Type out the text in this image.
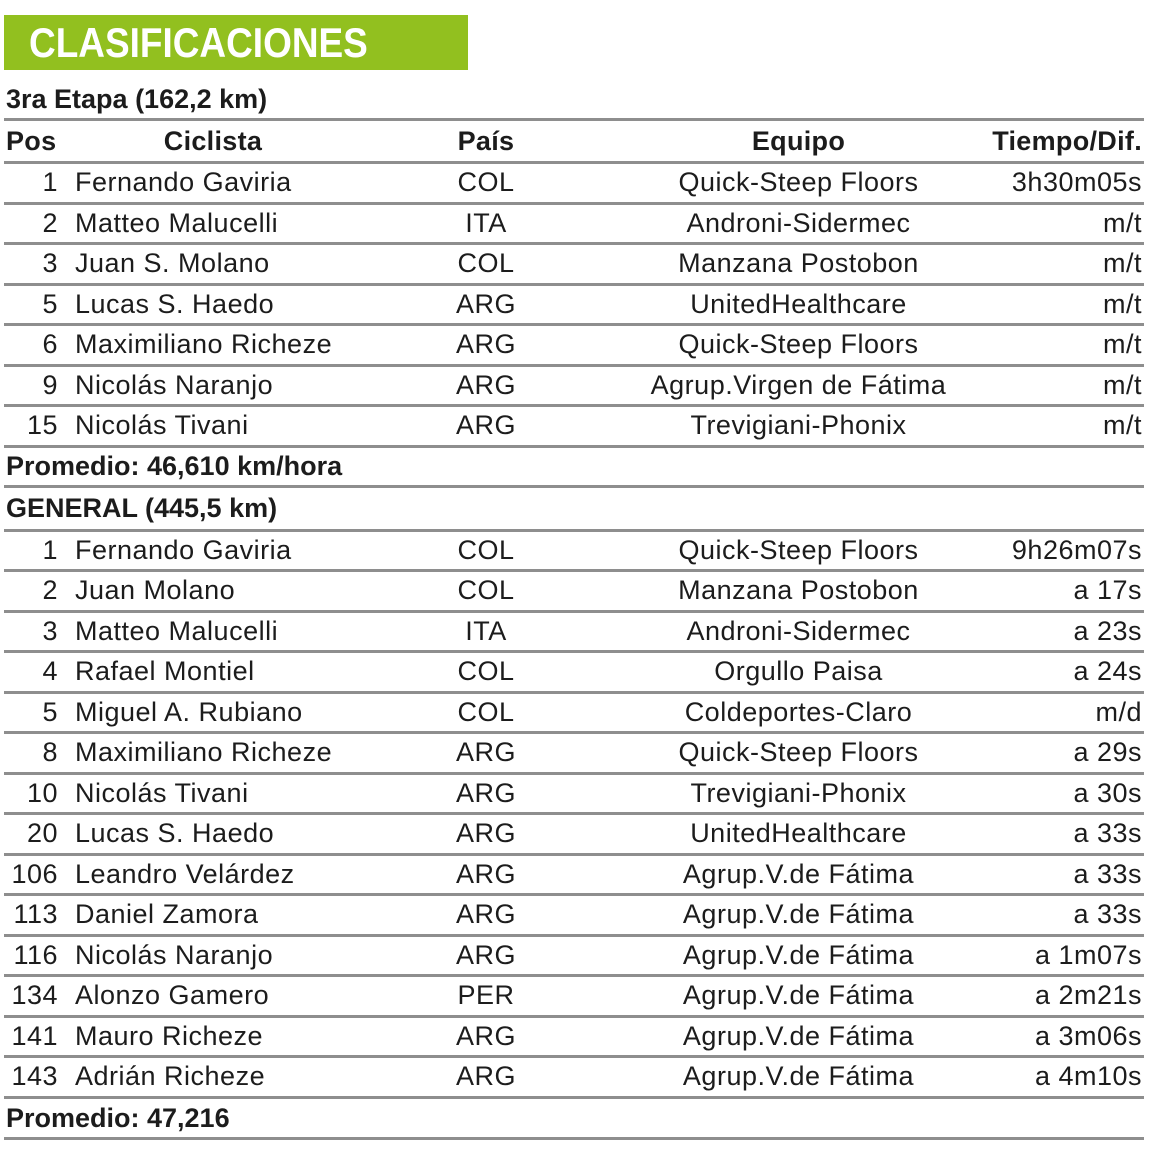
CLASIFICACIONES
3ra Etapa (162,2 km)
Pos	Ciclista	País	Equipo	Tiempo/Dif.
1 Fernando Gaviria	COL	Quick-Steep Floors	3h30m05s
2 Matteo Malucelli	ITA	Androni-Sidermec	m/t
3 Juan S. Molano	COL	Manzana Postobon	m/t
5 Lucas S. Haedo	ARG	UnitedHealthcare	m/t
6 Maximiliano Richeze	ARG	Quick-Steep Floors	m/t
9 Nicolás Naranjo	ARG	Agrup.Virgen de Fátima	m/t
15 Nicolás Tivani	ARG	Trevigiani-Phonix	m/t
Promedio: 46,610 km/hora
GENERAL (445,5 km)
1 Fernando Gaviria	COL	Quick-Steep Floors	9h26m07s
2 Juan Molano	COL	Manzana Postobon	a 17s
3 Matteo Malucelli	ITA	Androni-Sidermec	a 23s
4 Rafael Montiel	COL	Orgullo Paisa	a 24s
5 Miguel A. Rubiano	COL	Coldeportes-Claro	m/d
8 Maximiliano Richeze	ARG	Quick-Steep Floors	a 29s
10 Nicolás Tivani	ARG	Trevigiani-Phonix	a 30s
20 Lucas S. Haedo	ARG	UnitedHealthcare	a 33s
106 Leandro Velárdez	ARG	Agrup.V.de Fátima	a 33s
113 Daniel Zamora	ARG	Agrup.V.de Fátima	a 33s
116 Nicolás Naranjo	ARG	Agrup.V.de Fátima	a 1m07s
134 Alonzo Gamero	PER	Agrup.V.de Fátima	a 2m21s
141 Mauro Richeze	ARG	Agrup.V.de Fátima	a 3m06s
143 Adrián Richeze	ARG	Agrup.V.de Fátima	a 4m10s
Promedio: 47,216
